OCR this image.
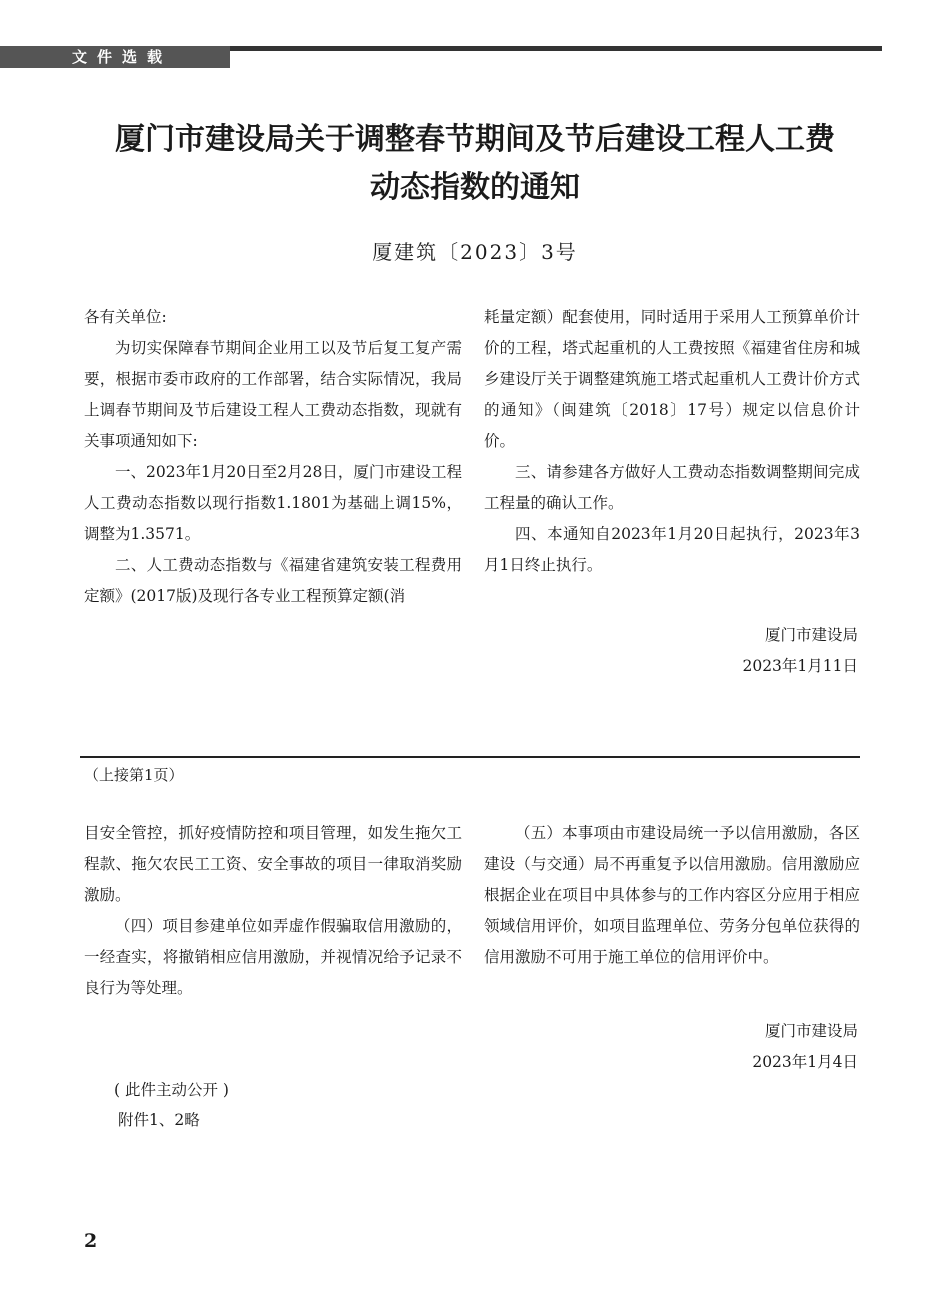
文件选载
厦门市建设局关于调整春节期间及节后建设工程人工费
动态指数的通知
厦建筑〔2023〕3号

各有关单位:

为切实保障春节期间企业用工以及节后复工复产需要，根据市委市政府的工作部署，结合实际情况，我局上调春节期间及节后建设工程人工费动态指数，现就有关事项通知如下:

一、2023年1月20日至2月28日，厦门市建设工程人工费动态指数以现行指数1.1801为基础上调15%，调整为1.3571。

二、人工费动态指数与《福建省建筑安装工程费用定额》(2017版)及现行各专业工程预算定额(消

耗量定额）配套使用，同时适用于采用人工预算单价计价的工程，塔式起重机的人工费按照《福建省住房和城乡建设厅关于调整建筑施工塔式起重机人工费计价方式的通知》（闽建筑〔2018〕17号）规定以信息价计价。

三、请参建各方做好人工费动态指数调整期间完成工程量的确认工作。

四、本通知自2023年1月20日起执行，2023年3月1日终止执行。

厦门市建设局
2023年1月11日
（上接第1页）

目安全管控，抓好疫情防控和项目管理，如发生拖欠工程款、拖欠农民工工资、安全事故的项目一律取消奖励激励。

（四）项目参建单位如弄虚作假骗取信用激励的，一经查实，将撤销相应信用激励，并视情况给予记录不良行为等处理。

（五）本事项由市建设局统一予以信用激励，各区建设（与交通）局不再重复予以信用激励。信用激励应根据企业在项目中具体参与的工作内容区分应用于相应领域信用评价，如项目监理单位、劳务分包单位获得的信用激励不可用于施工单位的信用评价中。

厦门市建设局
2023年1月4日
( 此件主动公开 )
附件1、2略
2
